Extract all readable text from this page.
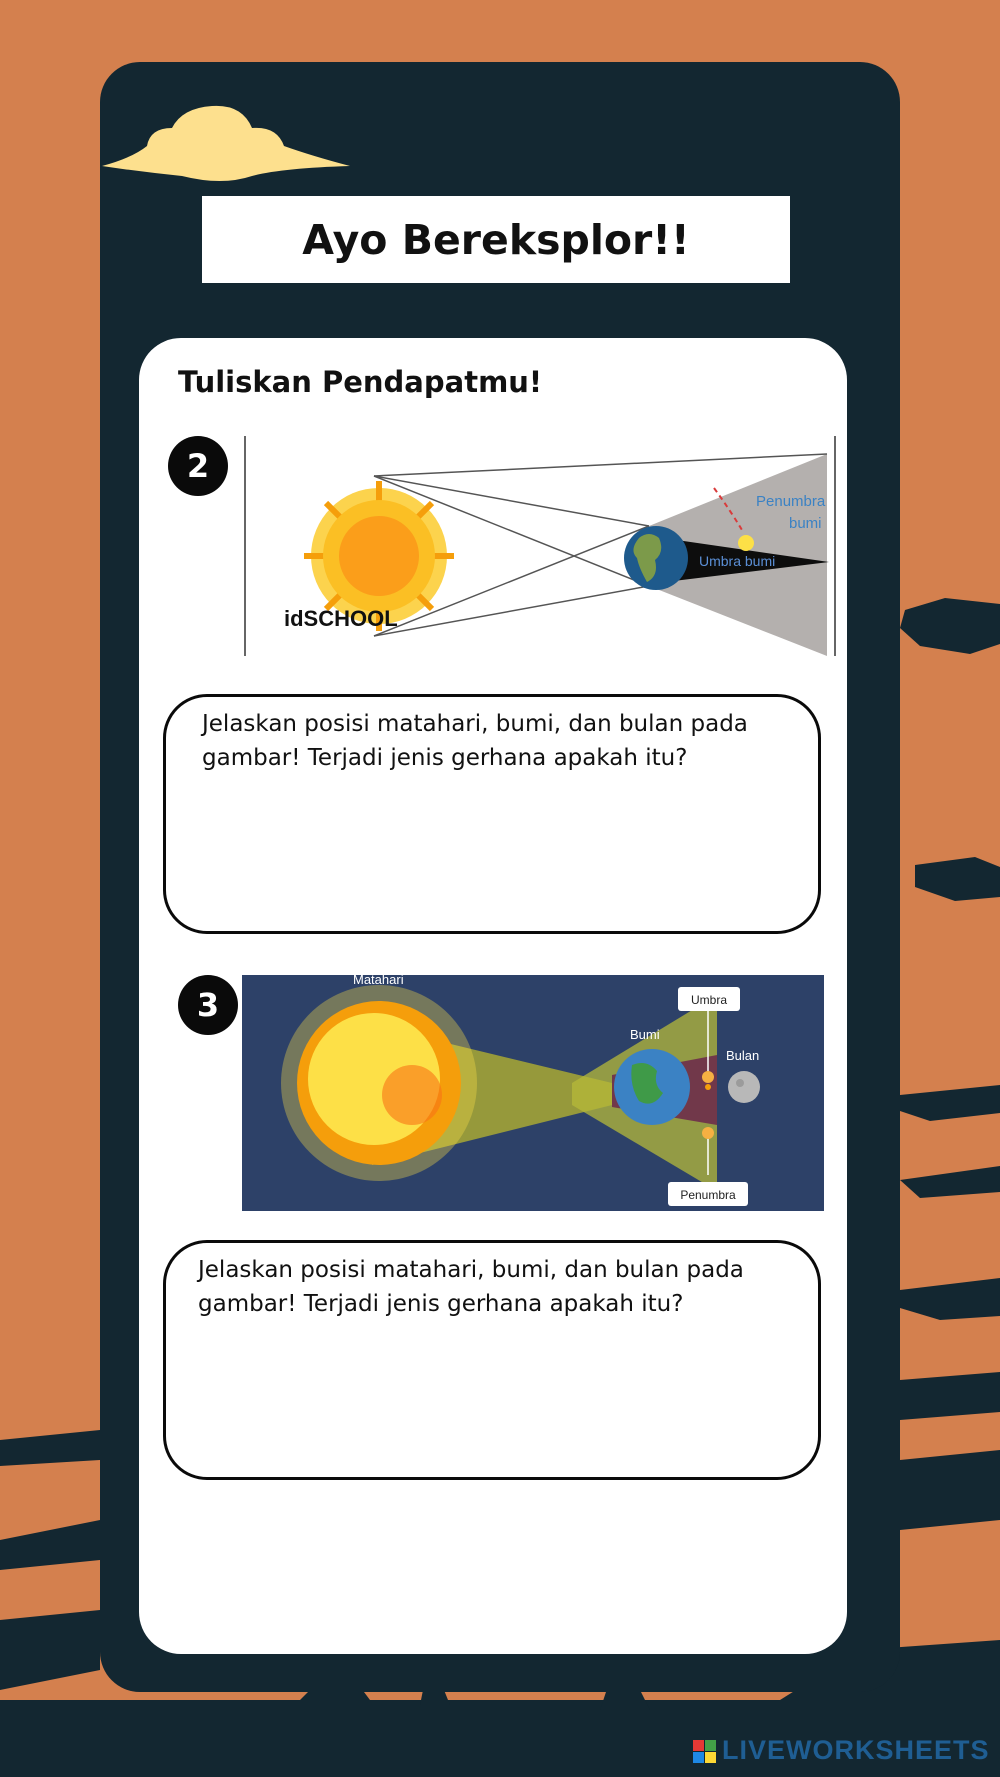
Ayo Bereksplor!!
Tuliskan Pendapatmu!
2
Penumbra
bumi
Umbra bumi
idSCHOOL
Jelaskan posisi matahari, bumi, dan bulan pada
gambar! Terjadi jenis gerhana apakah itu?
3	Umbra
Penumbra
Matahari
Bumi
Bulan
Jelaskan posisi matahari, bumi, dan bulan pada
gambar! Terjadi jenis gerhana apakah itu?
LIVEWORKSHEETS
